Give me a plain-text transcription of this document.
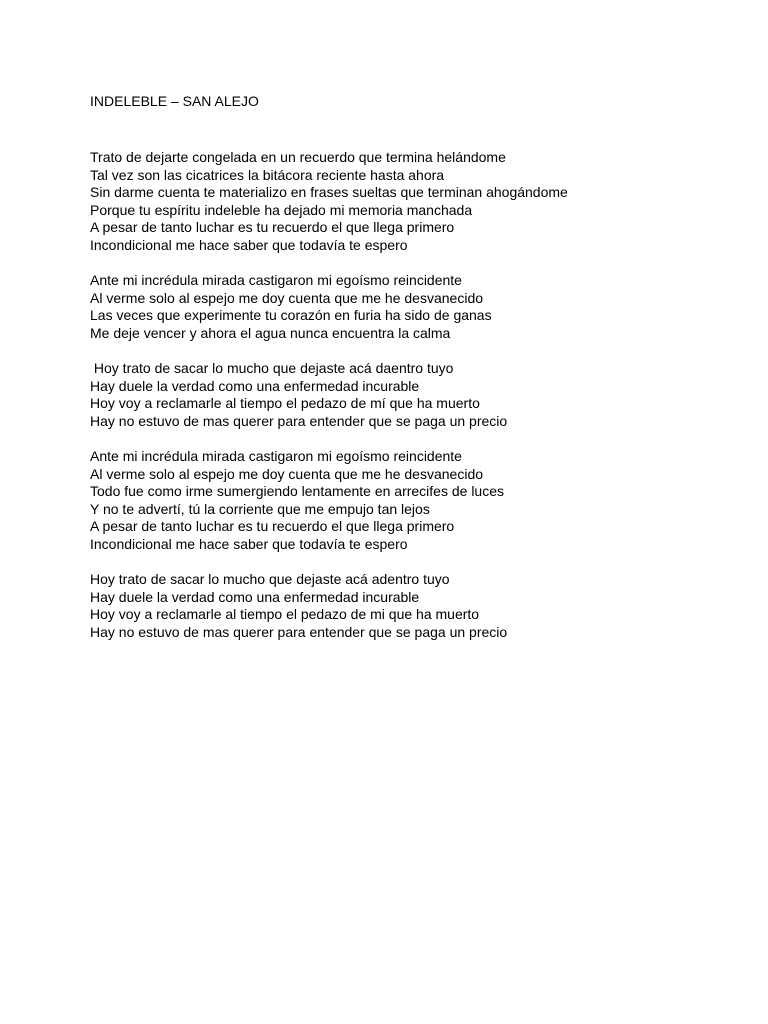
INDELEBLE – SAN ALEJO
Trato de dejarte congelada en un recuerdo que termina helándome
Tal vez son las cicatrices la bitácora reciente hasta ahora
Sin darme cuenta te materializo en frases sueltas que terminan ahogándome
Porque tu espíritu indeleble ha dejado mi memoria manchada
A pesar de tanto luchar es tu recuerdo el que llega primero
Incondicional me hace saber que todavía te espero
Ante mi incrédula mirada castigaron mi egoísmo reincidente
Al verme solo al espejo me doy cuenta que me he desvanecido
Las veces que experimente tu corazón en furia ha sido de ganas
Me deje vencer y ahora el agua nunca encuentra la calma
Hoy trato de sacar lo mucho que dejaste acá daentro tuyo
Hay duele la verdad como una enfermedad incurable
Hoy voy a reclamarle al tiempo el pedazo de mí que ha muerto
Hay no estuvo de mas querer para entender que se paga un precio
Ante mi incrédula mirada castigaron mi egoísmo reincidente
Al verme solo al espejo me doy cuenta que me he desvanecido
Todo fue como irme sumergiendo lentamente en arrecifes de luces
Y no te advertí, tú la corriente que me empujo tan lejos
A pesar de tanto luchar es tu recuerdo el que llega primero
Incondicional me hace saber que todavía te espero
Hoy trato de sacar lo mucho que dejaste acá adentro tuyo
Hay duele la verdad como una enfermedad incurable
Hoy voy a reclamarle al tiempo el pedazo de mi que ha muerto
Hay no estuvo de mas querer para entender que se paga un precio
